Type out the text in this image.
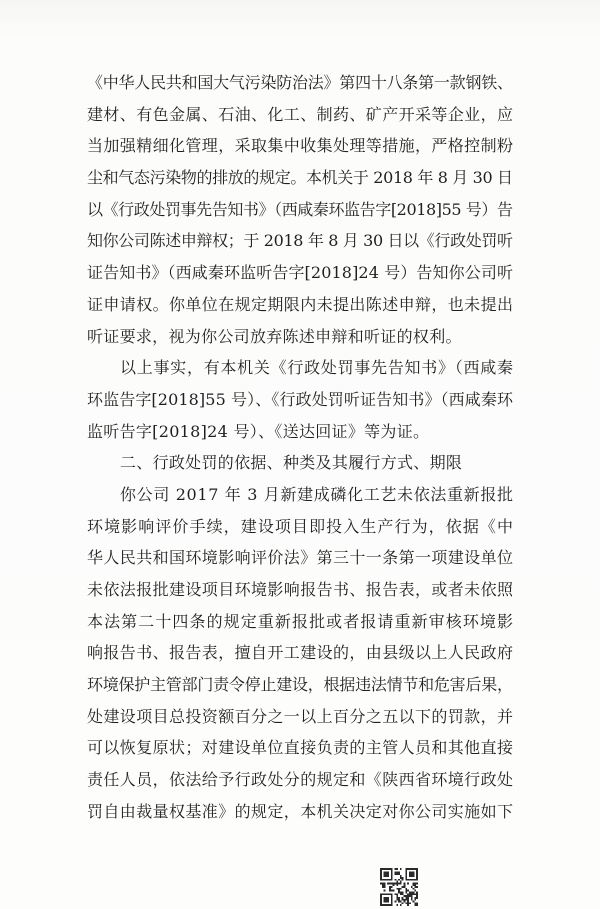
《中华人民共和国大气污染防治法》第四十八条第一款钢铁、
建材、有色金属、石油、化工、制药、矿产开采等企业，应
当加强精细化管理，采取集中收集处理等措施，严格控制粉
尘和气态污染物的排放的规定。本机关于 2018 年 8 月 30 日
以《行政处罚事先告知书》（西咸秦环监告字[2018]55 号）告
知你公司陈述申辩权；于 2018 年 8 月 30 日以《行政处罚听
证告知书》（西咸秦环监听告字[2018]24 号）告知你公司听
证申请权。你单位在规定期限内未提出陈述申辩，也未提出
听证要求，视为你公司放弃陈述申辩和听证的权利。
以上事实，有本机关《行政处罚事先告知书》（西咸秦
环监告字[2018]55 号）、《行政处罚听证告知书》（西咸秦环
监听告字[2018]24 号）、《送达回证》等为证。
二、行政处罚的依据、种类及其履行方式、期限
你公司 2017 年 3 月新建成磷化工艺未依法重新报批
环境影响评价手续，建设项目即投入生产行为，依据《中
华人民共和国环境影响评价法》第三十一条第一项建设单位
未依法报批建设项目环境影响报告书、报告表，或者未依照
本法第二十四条的规定重新报批或者报请重新审核环境影
响报告书、报告表，擅自开工建设的，由县级以上人民政府
环境保护主管部门责令停止建设，根据违法情节和危害后果，
处建设项目总投资额百分之一以上百分之五以下的罚款，并
可以恢复原状；对建设单位直接负责的主管人员和其他直接
责任人员，依法给予行政处分的规定和《陕西省环境行政处
罚自由裁量权基准》的规定，本机关决定对你公司实施如下
